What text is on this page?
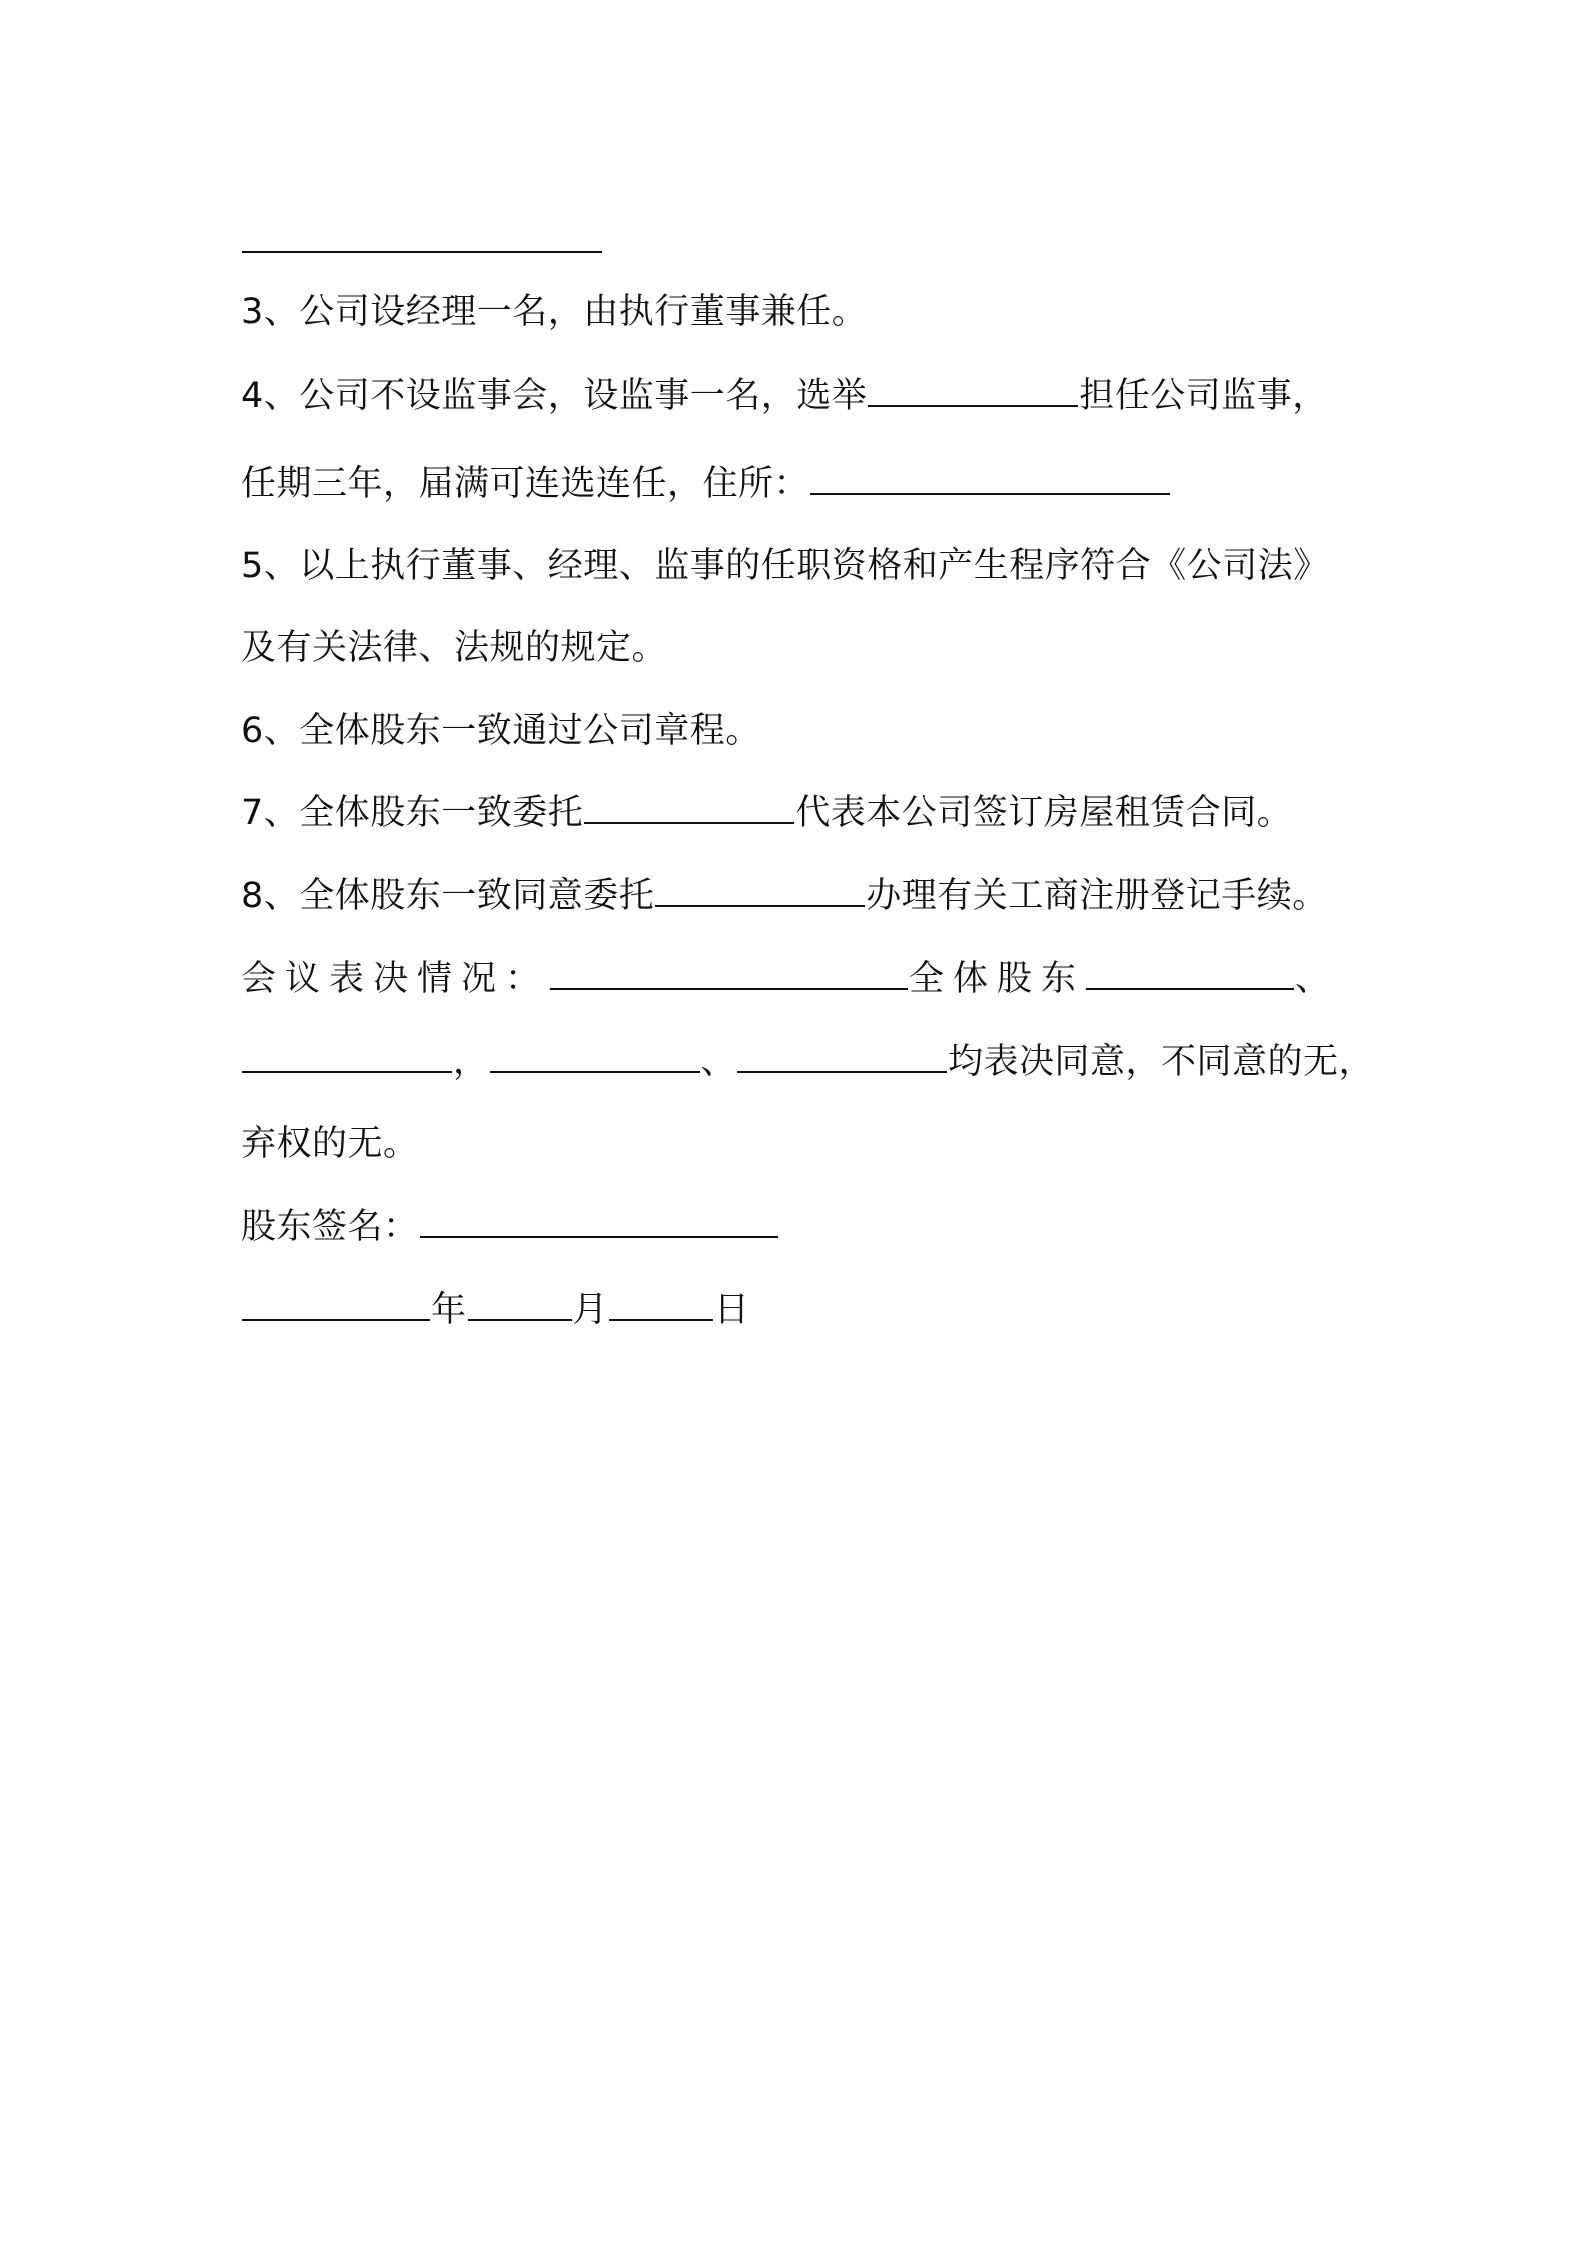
3、公司设经理一名，由执行董事兼任。
4、公司不设监事会，设监事一名，选举	担任公司监事，
任期三年，届满可连选连任，住所：
5、以上执行董事、经理、监事的任职资格和产生程序符合《公司法》
及有关法律、法规的规定。
6、全体股东一致通过公司章程。
7、全体股东一致委托	代表本公司签订房屋租赁合同。
8、全体股东一致同意委托	办理有关工商注册登记手续。
会议表决情况：	全体股东	、
，	、	均表决同意，不同意的无，
弃权的无。
股东签名：
年	月	日
